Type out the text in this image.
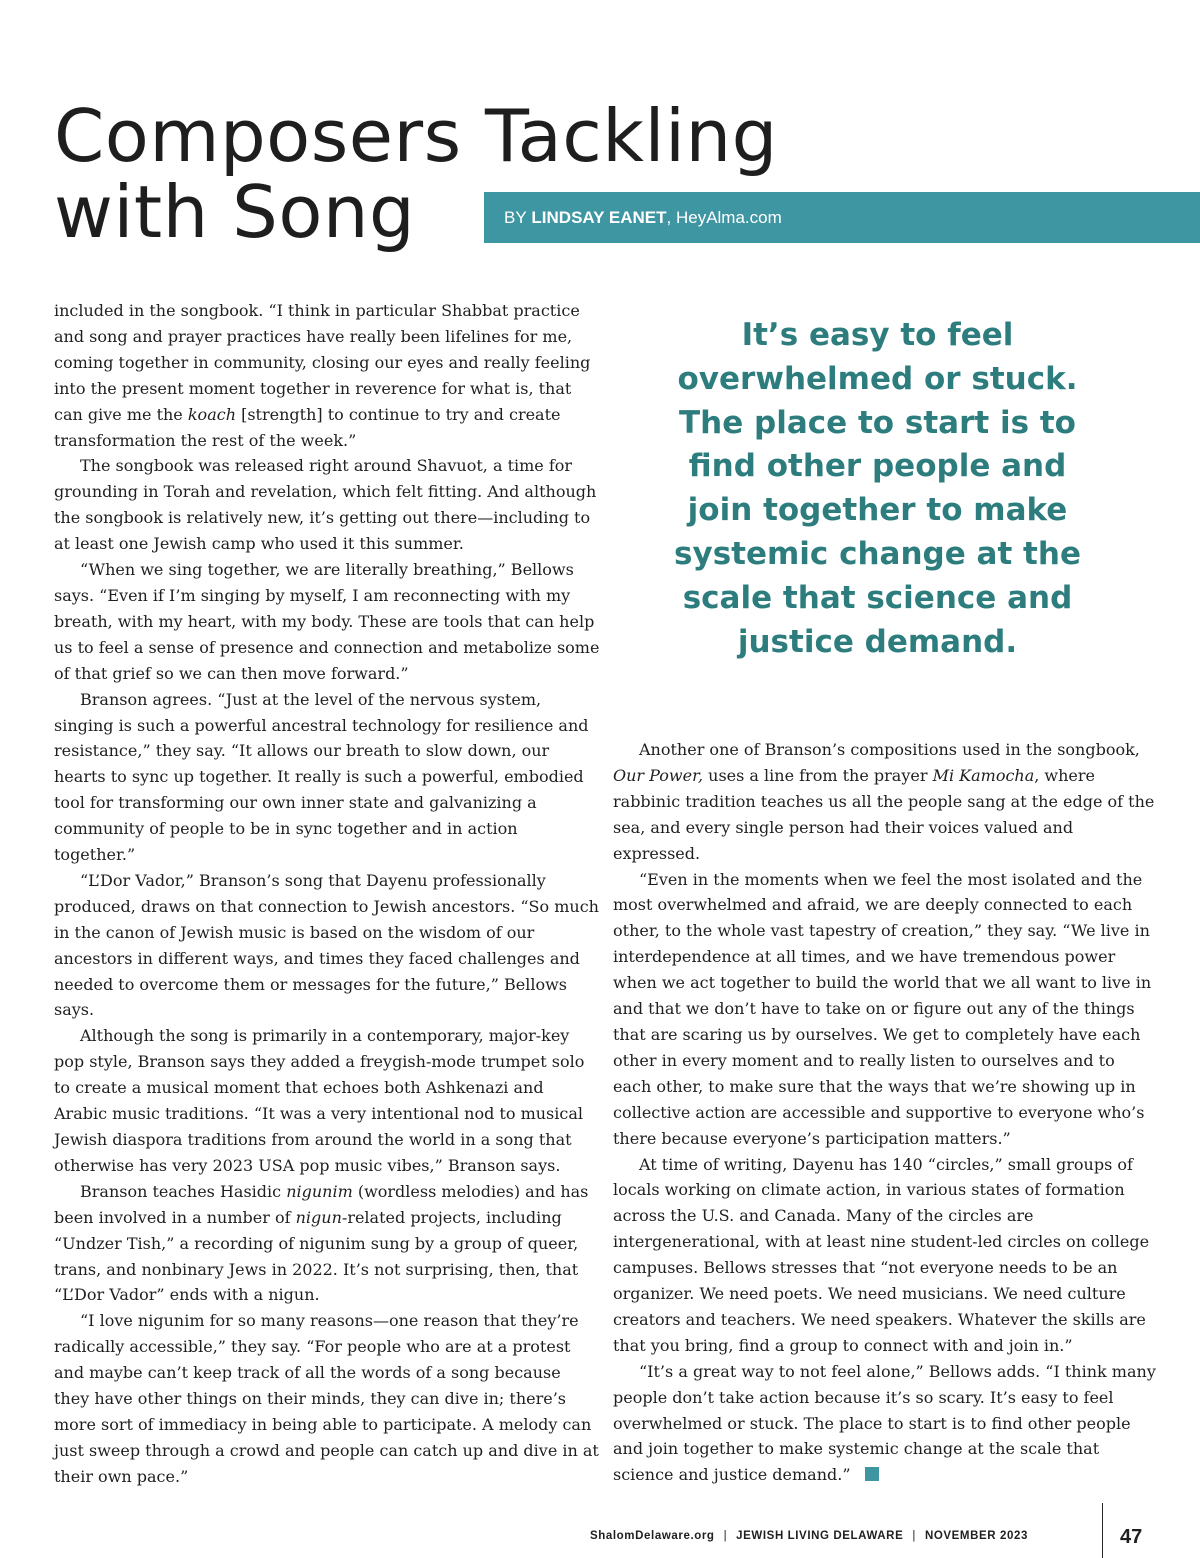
Composers Tackling
with Song	BY
LINDSAY EANET , HeyAlma.com

included in the songbook. “I think in particular Shabbat practice and song and prayer practices have really been lifelines for me, coming together in community, closing our eyes and really feeling into the present moment together in reverence for what is, that can give me the koach [strength] to continue to try and create transformation the rest of the week.”

The songbook was released right around Shavuot, a time for grounding in Torah and revelation, which felt fitting. And although the songbook is relatively new, it’s getting out there—including to at least one Jewish camp who used it this summer.

“When we sing together, we are literally breathing,” Bellows says. “Even if I’m singing by myself, I am reconnecting with my breath, with my heart, with my body. These are tools that can help us to feel a sense of presence and connection and metabolize some of that grief so we can then move forward.”

Branson agrees. “Just at the level of the nervous system, singing is such a powerful ancestral technology for resilience and resistance,” they say. “It allows our breath to slow down, our hearts to sync up together. It really is such a powerful, embodied tool for transforming our own inner state and galvanizing a community of people to be in sync together and in action together.”

“L’Dor Vador,” Branson’s song that Dayenu professionally produced, draws on that connection to Jewish ancestors. “So much in the canon of Jewish music is based on the wisdom of our ancestors in different ways, and times they faced challenges and needed to overcome them or messages for the future,” Bellows says.

Although the song is primarily in a contemporary, major-key pop style, Branson says they added a freygish-mode trumpet solo to create a musical moment that echoes both Ashkenazi and Arabic music traditions. “It was a very intentional nod to musical Jewish diaspora traditions from around the world in a song that otherwise has very 2023 USA pop music vibes,” Branson says.

Branson teaches Hasidic nigunim (wordless melodies) and has been involved in a number of nigun-related projects, including “Undzer Tish,” a recording of nigunim sung by a group of queer, trans, and nonbinary Jews in 2022. It’s not surprising, then, that “L’Dor Vador” ends with a nigun.

“I love nigunim for so many reasons—one reason that they’re radically accessible,” they say. “For people who are at a protest and maybe can’t keep track of all the words of a song because they have other things on their minds, they can dive in; there’s more sort of immediacy in being able to participate. A melody can just sweep through a crowd and people can catch up and dive in at their own pace.”

It’s easy to feel overwhelmed or stuck. The place to start is to find other people and join together to make systemic change at the scale that science and justice demand.

Another one of Branson’s compositions used in the songbook, Our Power, uses a line from the prayer Mi Kamocha, where rabbinic tradition teaches us all the people sang at the edge of the sea, and every single person had their voices valued and expressed.

“Even in the moments when we feel the most isolated and the most overwhelmed and afraid, we are deeply connected to each other, to the whole vast tapestry of creation,” they say. “We live in interdependence at all times, and we have tremendous power when we act together to build the world that we all want to live in and that we don’t have to take on or figure out any of the things that are scaring us by ourselves. We get to completely have each other in every moment and to really listen to ourselves and to each other, to make sure that the ways that we’re showing up in collective action are accessible and supportive to everyone who’s there because everyone’s participation matters.”

At time of writing, Dayenu has 140 “circles,” small groups of locals working on climate action, in various states of formation across the U.S. and Canada. Many of the circles are intergenerational, with at least nine student-led circles on college campuses. Bellows stresses that “not everyone needs to be an organizer. We need poets. We need musicians. We need culture creators and teachers. We need speakers. Whatever the skills are that you bring, find a group to connect with and join in.”

“It’s a great way to not feel alone,” Bellows adds. “I think many people don’t take action because it’s so scary. It’s easy to feel overwhelmed or stuck. The place to start is to find other people and join together to make systemic change at the scale that science and justice demand.”

ShalomDelaware.org | JEWISH LIVING DELAWARE | NOVEMBER 2023	47
